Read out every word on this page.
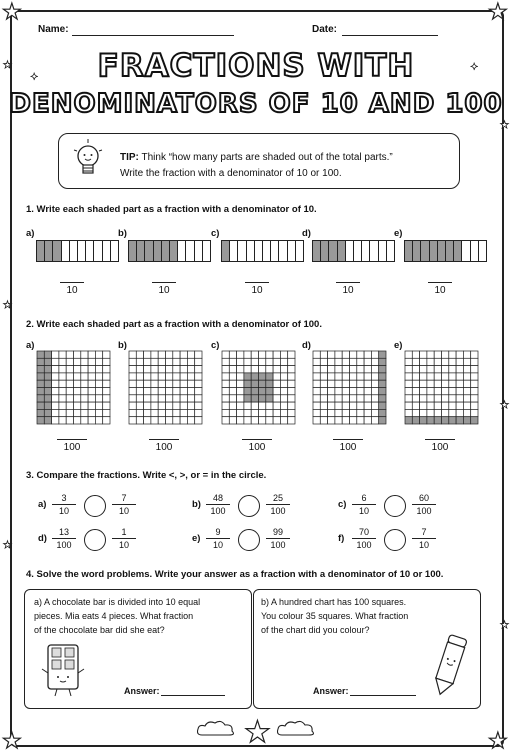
★	★
★	★
★
★
★
★
★
★
★
✦
✦
Name:	Date:
FRACTIONS WITH
DENOMINATORS OF 10 AND 100
TIP: Think “how many parts are shaded out of the total parts.”
Write the fraction with a denominator of 10 or 100.
1. Write each shaded part as a fraction with a denominator of 10.
a)
10
b)
10
c)
10
d)
10
e)
10
2. Write each shaded part as a fraction with a denominator of 100.
a)
100
b)
100
c)
100
d)
100
e)
100
3. Compare the fractions. Write <, >, or = in the circle.
$a) \frac{3}{10}$	$\frac{7}{10}$	$b) \frac{48}{100}$	$\frac{25}{100}$	$c) \frac{6}{10}$	$\frac{60}{100}$
$d) \frac{13}{100}$	$\frac{1}{10}$	$e) \frac{9}{10}$	$\frac{99}{100}$	$f) \frac{70}{100}$	$\frac{7}{10}$
4. Solve the word problems. Write your answer as a fraction with a denominator of 10 or 100.
a) A chocolate bar is divided into 10 equal
pieces. Mia eats 4 pieces. What fraction
of the chocolate bar did she eat?
Answer:
b) A hundred chart has 100 squares.
You colour 35 squares. What fraction
of the chart did you colour?
Answer:
